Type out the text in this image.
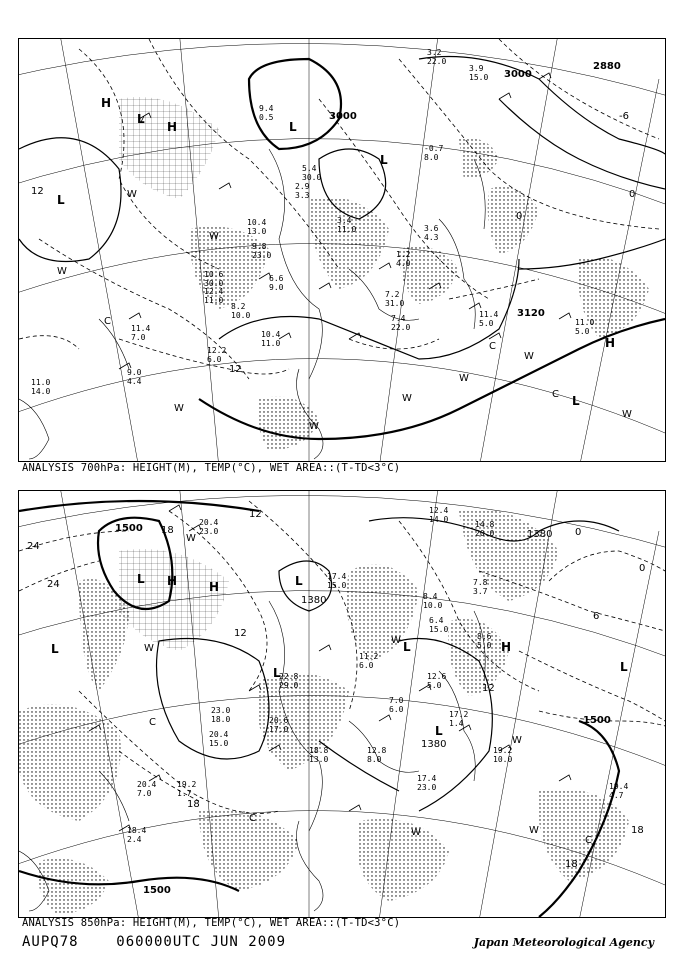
3000
3000
3120
2880
12	0
0
-6
12
H
L
H
L
L
L
H
L
C
C
C
W
W
W
W
W
W
W
W
W
3.2
22.0
3.9
15.0
9.4
0.5
-0.7
8.0
10.4
13.0
9.8
23.0
10.6
30.0
6.6
9.0
12.4
11.0
8.2
10.0
10.4
11.0
12.2
6.0
11.4
7.0
9.0
4.4
11.0
14.0
3.4
11.0
7.2
31.0
7.4
22.0
11.4
5.0	11.0
5.0
5.4
30.0
2.9
3.3
3.6
4.3
1.2
4.0
ANALYSIS 700hPa: HEIGHT(M), TEMP(°C), WET AREA::(T-TD<3°C)
1500
1500
1500
1380
1380
1380
24
24
18
18
12
12
6
0
0
18
18
12
L H	H	L
L
L
L
H
L
L
C
C
C
W
W
W
W
W
W
12.4
14.0
20.4
23.0
14.8
20.0
7.8
3.7
8.4
10.0
17.4
15.0
6.4
15.0
8.6
5.0
12.6
5.0
11.2
6.0
22.8
29.0
23.0
18.0	20.6
17.0
20.4
15.0
18.8
13.0
19.2
10.0
17.4
23.0
12.8
8.0
19.2
1.7
18.4
2.4
19.4
4.7
20.4
7.0
7.0
6.0
17.2
1.4
ANALYSIS 850hPa: HEIGHT(M), TEMP(°C), WET AREA::(T-TD<3°C)
AUPQ78    060000UTC JUN 2009	Japan Meteorological Agency
